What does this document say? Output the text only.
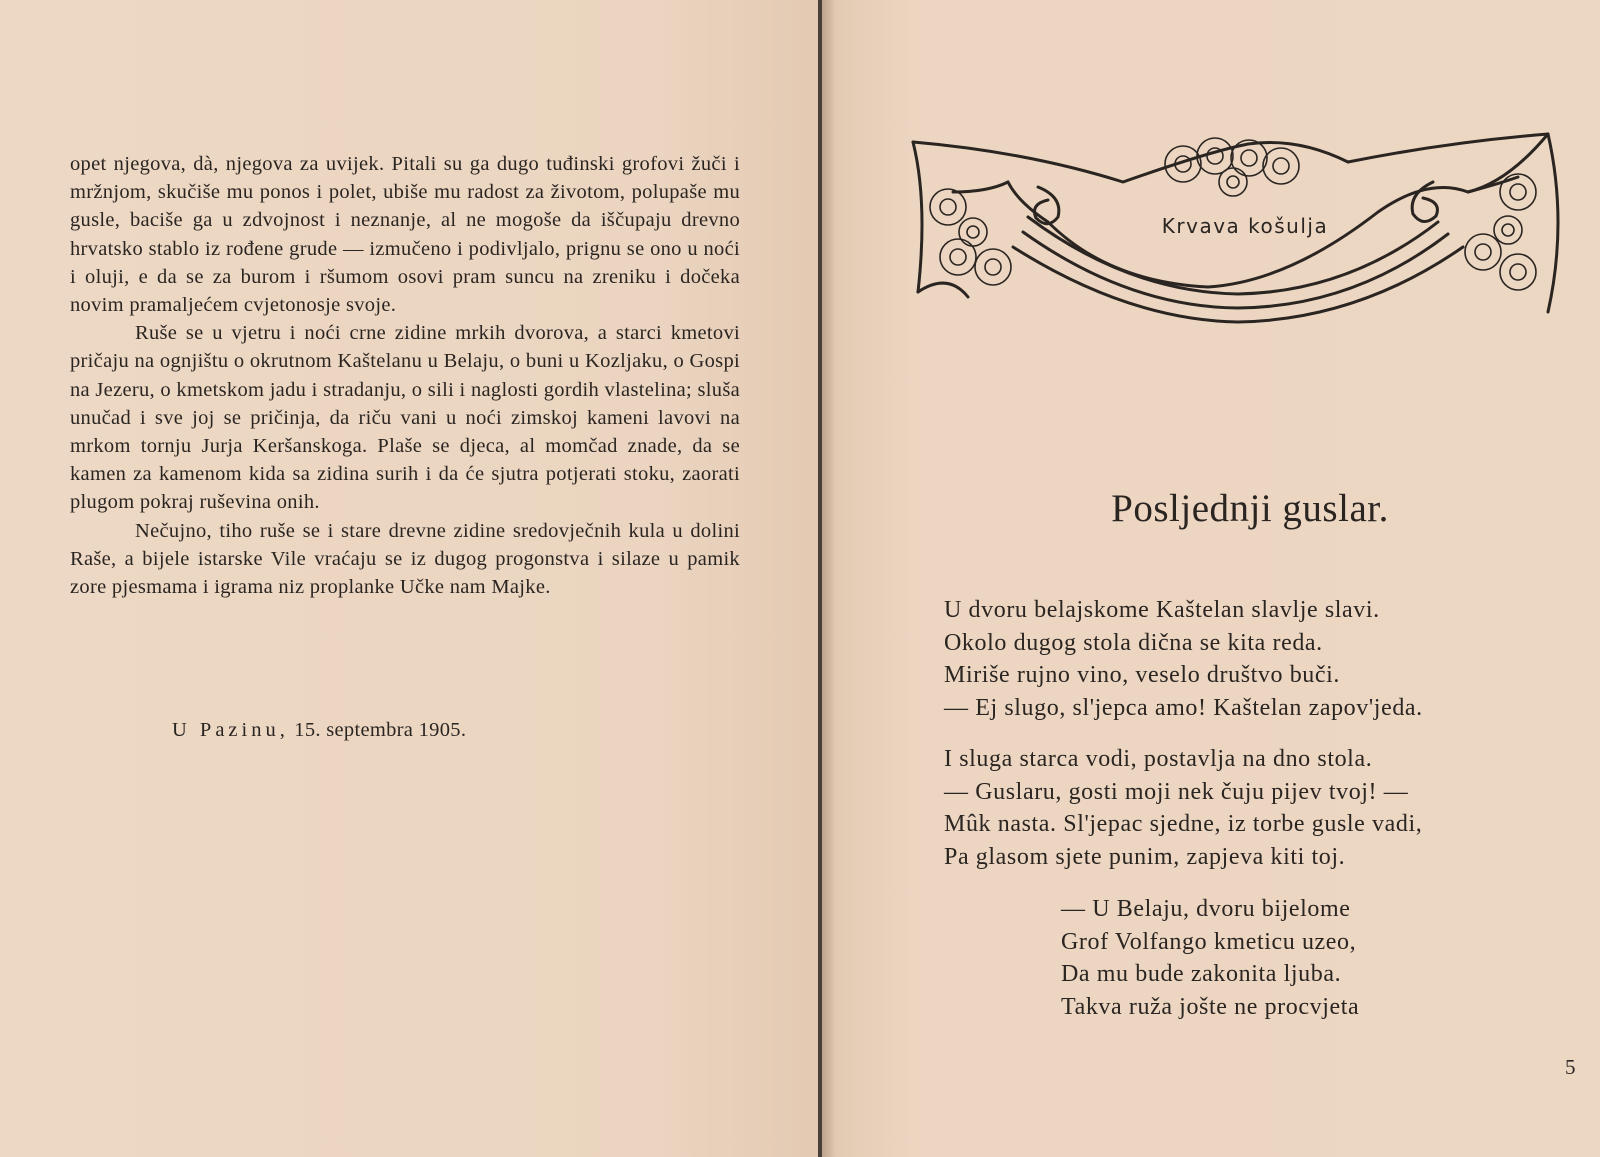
opet njegova, dà, njegova za uvijek. Pitali su ga dugo tuđinski grofovi žuči i mržnjom, skučiše mu ponos i polet, ubiše mu radost za životom, polupaše mu gusle, baciše ga u zdvojnost i neznanje, al ne mogoše da iščupaju drevno hrvatsko stablo iz rođene grude — izmučeno i podivljalo, prignu se ono u noći i oluji, e da se za burom i ršumom osovi pram suncu na zreniku i dočeka novim pramaljećem cvjetonosje svoje.

Ruše se u vjetru i noći crne zidine mrkih dvorova, a starci kmetovi pričaju na ognjištu o okrutnom Kaštelanu u Belaju, o buni u Kozljaku, o Gospi na Jezeru, o kmetskom jadu i stradanju, o sili i naglosti gordih vlastelina; sluša unučad i sve joj se pričinja, da riču vani u noći zimskoj kameni lavovi na mrkom tornju Jurja Keršanskoga. Plaše se djeca, al momčad znade, da se kamen za kamenom kida sa zidina surih i da će sjutra potjerati stoku, zaorati plugom pokraj ruševina onih.

Nečujno, tiho ruše se i stare drevne zidine sredovječnih kula u dolini Raše, a bijele istarske Vile vraćaju se iz dugog progonstva i silaze u pamik zore pjesmama i igrama niz proplanke Učke nam Majke.

U Pazinu, 15. septembra 1905.
Krvava košulja
Posljednji guslar.
U dvoru belajskome Kaštelan slavlje slavi.
Okolo dugog stola dična se kita reda.
Miriše rujno vino, veselo društvo buči.
— Ej slugo, sl'jepca amo! Kaštelan zapov'jeda.
I sluga starca vodi, postavlja na dno stola.
— Guslaru, gosti moji nek čuju pijev tvoj! —
Mûk nasta. Sl'jepac sjedne, iz torbe gusle vadi,
Pa glasom sjete punim, zapjeva kiti toj.
— U Belaju, dvoru bijelome
Grof Volfango kmeticu uzeo,
Da mu bude zakonita ljuba.
Takva ruža jošte ne procvjeta
5
